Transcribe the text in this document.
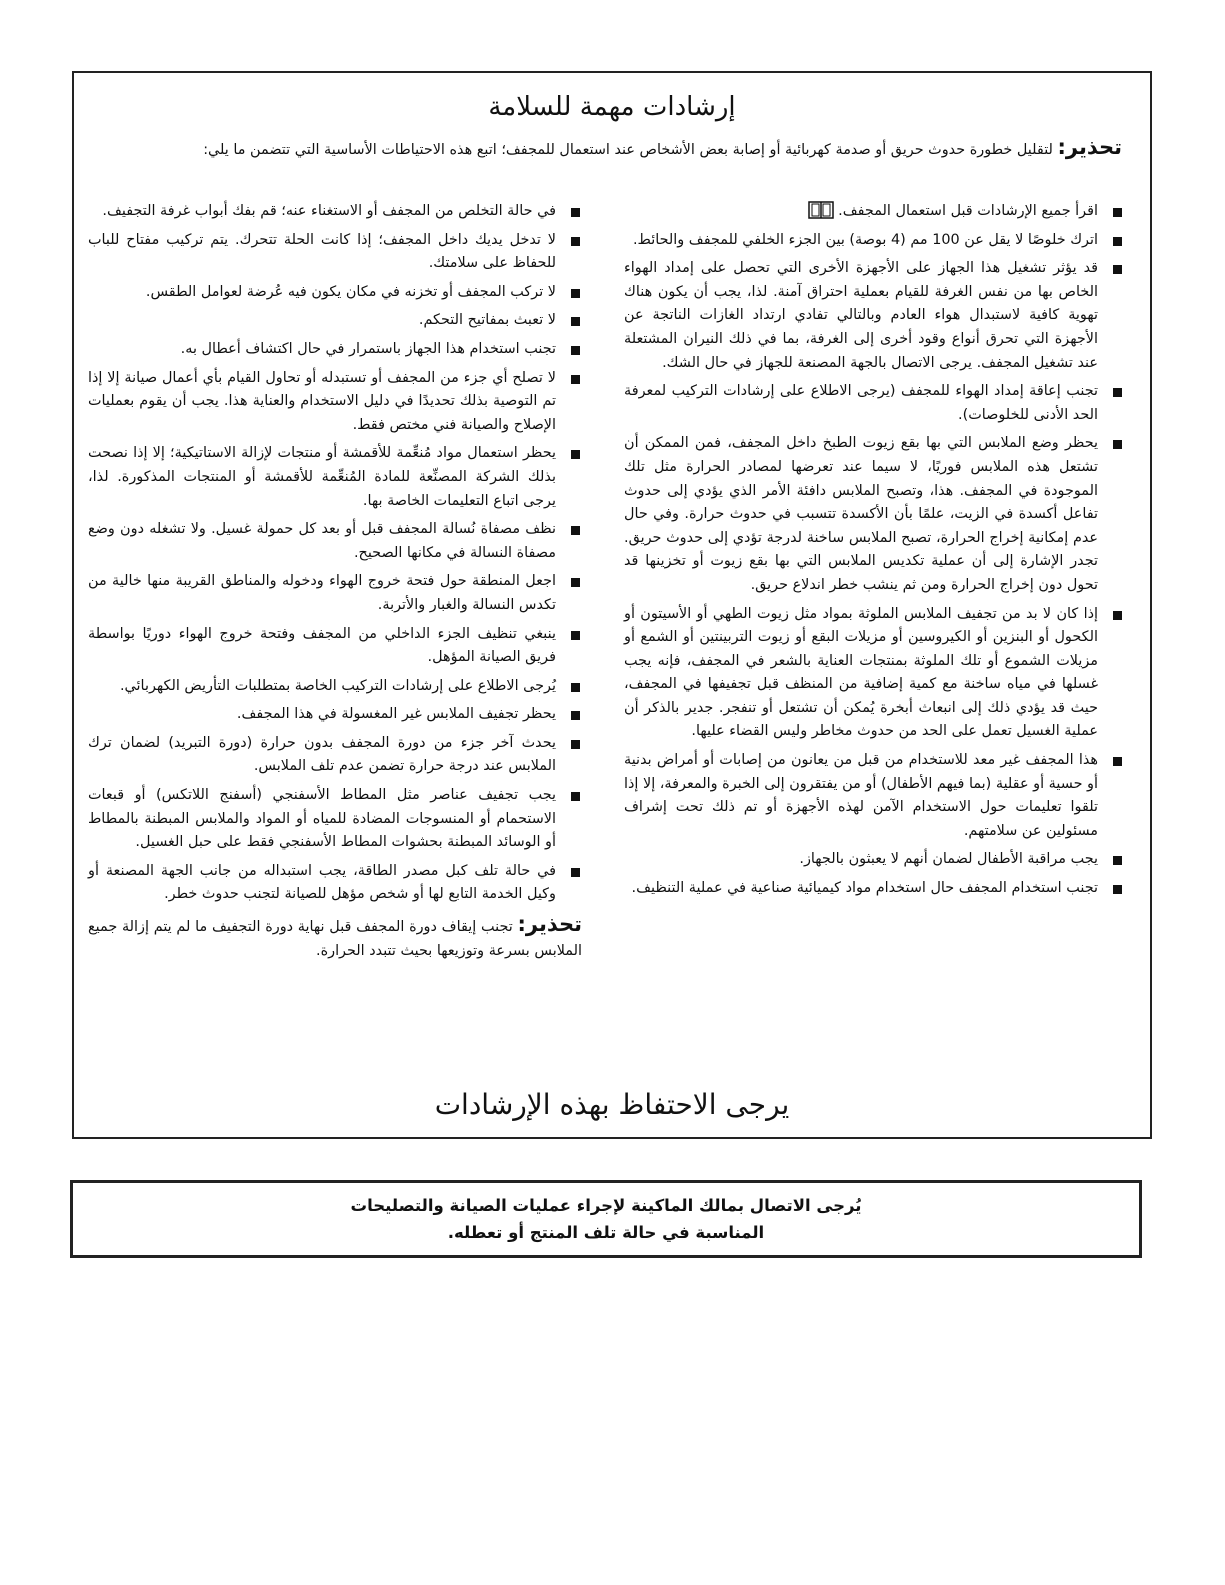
إرشادات مهمة للسلامة
تحذير: لتقليل خطورة حدوث حريق أو صدمة كهربائية أو إصابة بعض الأشخاص عند استعمال للمجفف؛ اتبع هذه الاحتياطات الأساسية التي تتضمن ما يلي:
اقرأ جميع الإرشادات قبل استعمال المجفف.
اترك خلوصًا لا يقل عن 100 مم (4 بوصة) بين الجزء الخلفي للمجفف والحائط.
قد يؤثر تشغيل هذا الجهاز على الأجهزة الأخرى التي تحصل على إمداد الهواء الخاص بها من نفس الغرفة للقيام بعملية احتراق آمنة. لذا، يجب أن يكون هناك تهوية كافية لاستبدال هواء العادم وبالتالي تفادي ارتداد الغازات الناتجة عن الأجهزة التي تحرق أنواع وقود أخرى إلى الغرفة، بما في ذلك النيران المشتعلة عند تشغيل المجفف. يرجى الاتصال بالجهة المصنعة للجهاز في حال الشك.
تجنب إعاقة إمداد الهواء للمجفف (يرجى الاطلاع على إرشادات التركيب لمعرفة الحد الأدنى للخلوصات).
يحظر وضع الملابس التي بها بقع زيوت الطبخ داخل المجفف، فمن الممكن أن تشتعل هذه الملابس فوريًا، لا سيما عند تعرضها لمصادر الحرارة مثل تلك الموجودة في المجفف. هذا، وتصبح الملابس دافئة الأمر الذي يؤدي إلى حدوث تفاعل أكسدة في الزيت، علمًا بأن الأكسدة تتسبب في حدوث حرارة. وفي حال عدم إمكانية إخراج الحرارة، تصبح الملابس ساخنة لدرجة تؤدي إلى حدوث حريق. تجدر الإشارة إلى أن عملية تكديس الملابس التي بها بقع زيوت أو تخزينها قد تحول دون إخراج الحرارة ومن ثم ينشب خطر اندلاع حريق.
إذا كان لا بد من تجفيف الملابس الملوثة بمواد مثل زيوت الطهي أو الأسيتون أو الكحول أو البنزين أو الكيروسين أو مزيلات البقع أو زيوت التربينتين أو الشمع أو مزيلات الشموع أو تلك الملوثة بمنتجات العناية بالشعر في المجفف، فإنه يجب غسلها في مياه ساخنة مع كمية إضافية من المنظف قبل تجفيفها في المجفف، حيث قد يؤدي ذلك إلى انبعاث أبخرة يُمكن أن تشتعل أو تنفجر. جدير بالذكر أن عملية الغسيل تعمل على الحد من حدوث مخاطر وليس القضاء عليها.
هذا المجفف غير معد للاستخدام من قبل من يعانون من إصابات أو أمراض بدنية أو حسية أو عقلية (بما فيهم الأطفال) أو من يفتقرون إلى الخبرة والمعرفة، إلا إذا تلقوا تعليمات حول الاستخدام الآمن لهذه الأجهزة أو تم ذلك تحت إشراف مسئولين عن سلامتهم.
يجب مراقبة الأطفال لضمان أنهم لا يعبثون بالجهاز.
تجنب استخدام المجفف حال استخدام مواد كيميائية صناعية في عملية التنظيف.
في حالة التخلص من المجفف أو الاستغناء عنه؛ قم بفك أبواب غرفة التجفيف.
لا تدخل يديك داخل المجفف؛ إذا كانت الحلة تتحرك. يتم تركيب مفتاح للباب للحفاظ على سلامتك.
لا تركب المجفف أو تخزنه في مكان يكون فيه عُرضة لعوامل الطقس.
لا تعبث بمفاتيح التحكم.
تجنب استخدام هذا الجهاز باستمرار في حال اكتشاف أعطال به.
لا تصلح أي جزء من المجفف أو تستبدله أو تحاول القيام بأي أعمال صيانة إلا إذا تم التوصية بذلك تحديدًا في دليل الاستخدام والعناية هذا. يجب أن يقوم بعمليات الإصلاح والصيانة فني مختص فقط.
يحظر استعمال مواد مُنعِّمة للأقمشة أو منتجات لإزالة الاستاتيكية؛ إلا إذا نصحت بذلك الشركة المصنِّعة للمادة المُنعِّمة للأقمشة أو المنتجات المذكورة. لذا، يرجى اتباع التعليمات الخاصة بها.
نظف مصفاة نُسالة المجفف قبل أو بعد كل حمولة غسيل. ولا تشغله دون وضع مصفاة النسالة في مكانها الصحيح.
اجعل المنطقة حول فتحة خروج الهواء ودخوله والمناطق القريبة منها خالية من تكدس النسالة والغبار والأتربة.
ينبغي تنظيف الجزء الداخلي من المجفف وفتحة خروج الهواء دوريًا بواسطة فريق الصيانة المؤهل.
يُرجى الاطلاع على إرشادات التركيب الخاصة بمتطلبات التأريض الكهربائي.
يحظر تجفيف الملابس غير المغسولة في هذا المجفف.
يحدث آخر جزء من دورة المجفف بدون حرارة (دورة التبريد) لضمان ترك الملابس عند درجة حرارة تضمن عدم تلف الملابس.
يجب تجفيف عناصر مثل المطاط الأسفنجي (أسفنج اللاتكس) أو قبعات الاستحمام أو المنسوجات المضادة للمياه أو المواد والملابس المبطنة بالمطاط أو الوسائد المبطنة بحشوات المطاط الأسفنجي فقط على حبل الغسيل.
في حالة تلف كبل مصدر الطاقة، يجب استبداله من جانب الجهة المصنعة أو وكيل الخدمة التابع لها أو شخص مؤهل للصيانة لتجنب حدوث خطر.
تحذير: تجنب إيقاف دورة المجفف قبل نهاية دورة التجفيف ما لم يتم إزالة جميع الملابس بسرعة وتوزيعها بحيث تتبدد الحرارة.
يرجى الاحتفاظ بهذه الإرشادات
يُرجى الاتصال بمالك الماكينة لإجراء عمليات الصيانة والتصليحات
المناسبة في حالة تلف المنتج أو تعطله.
